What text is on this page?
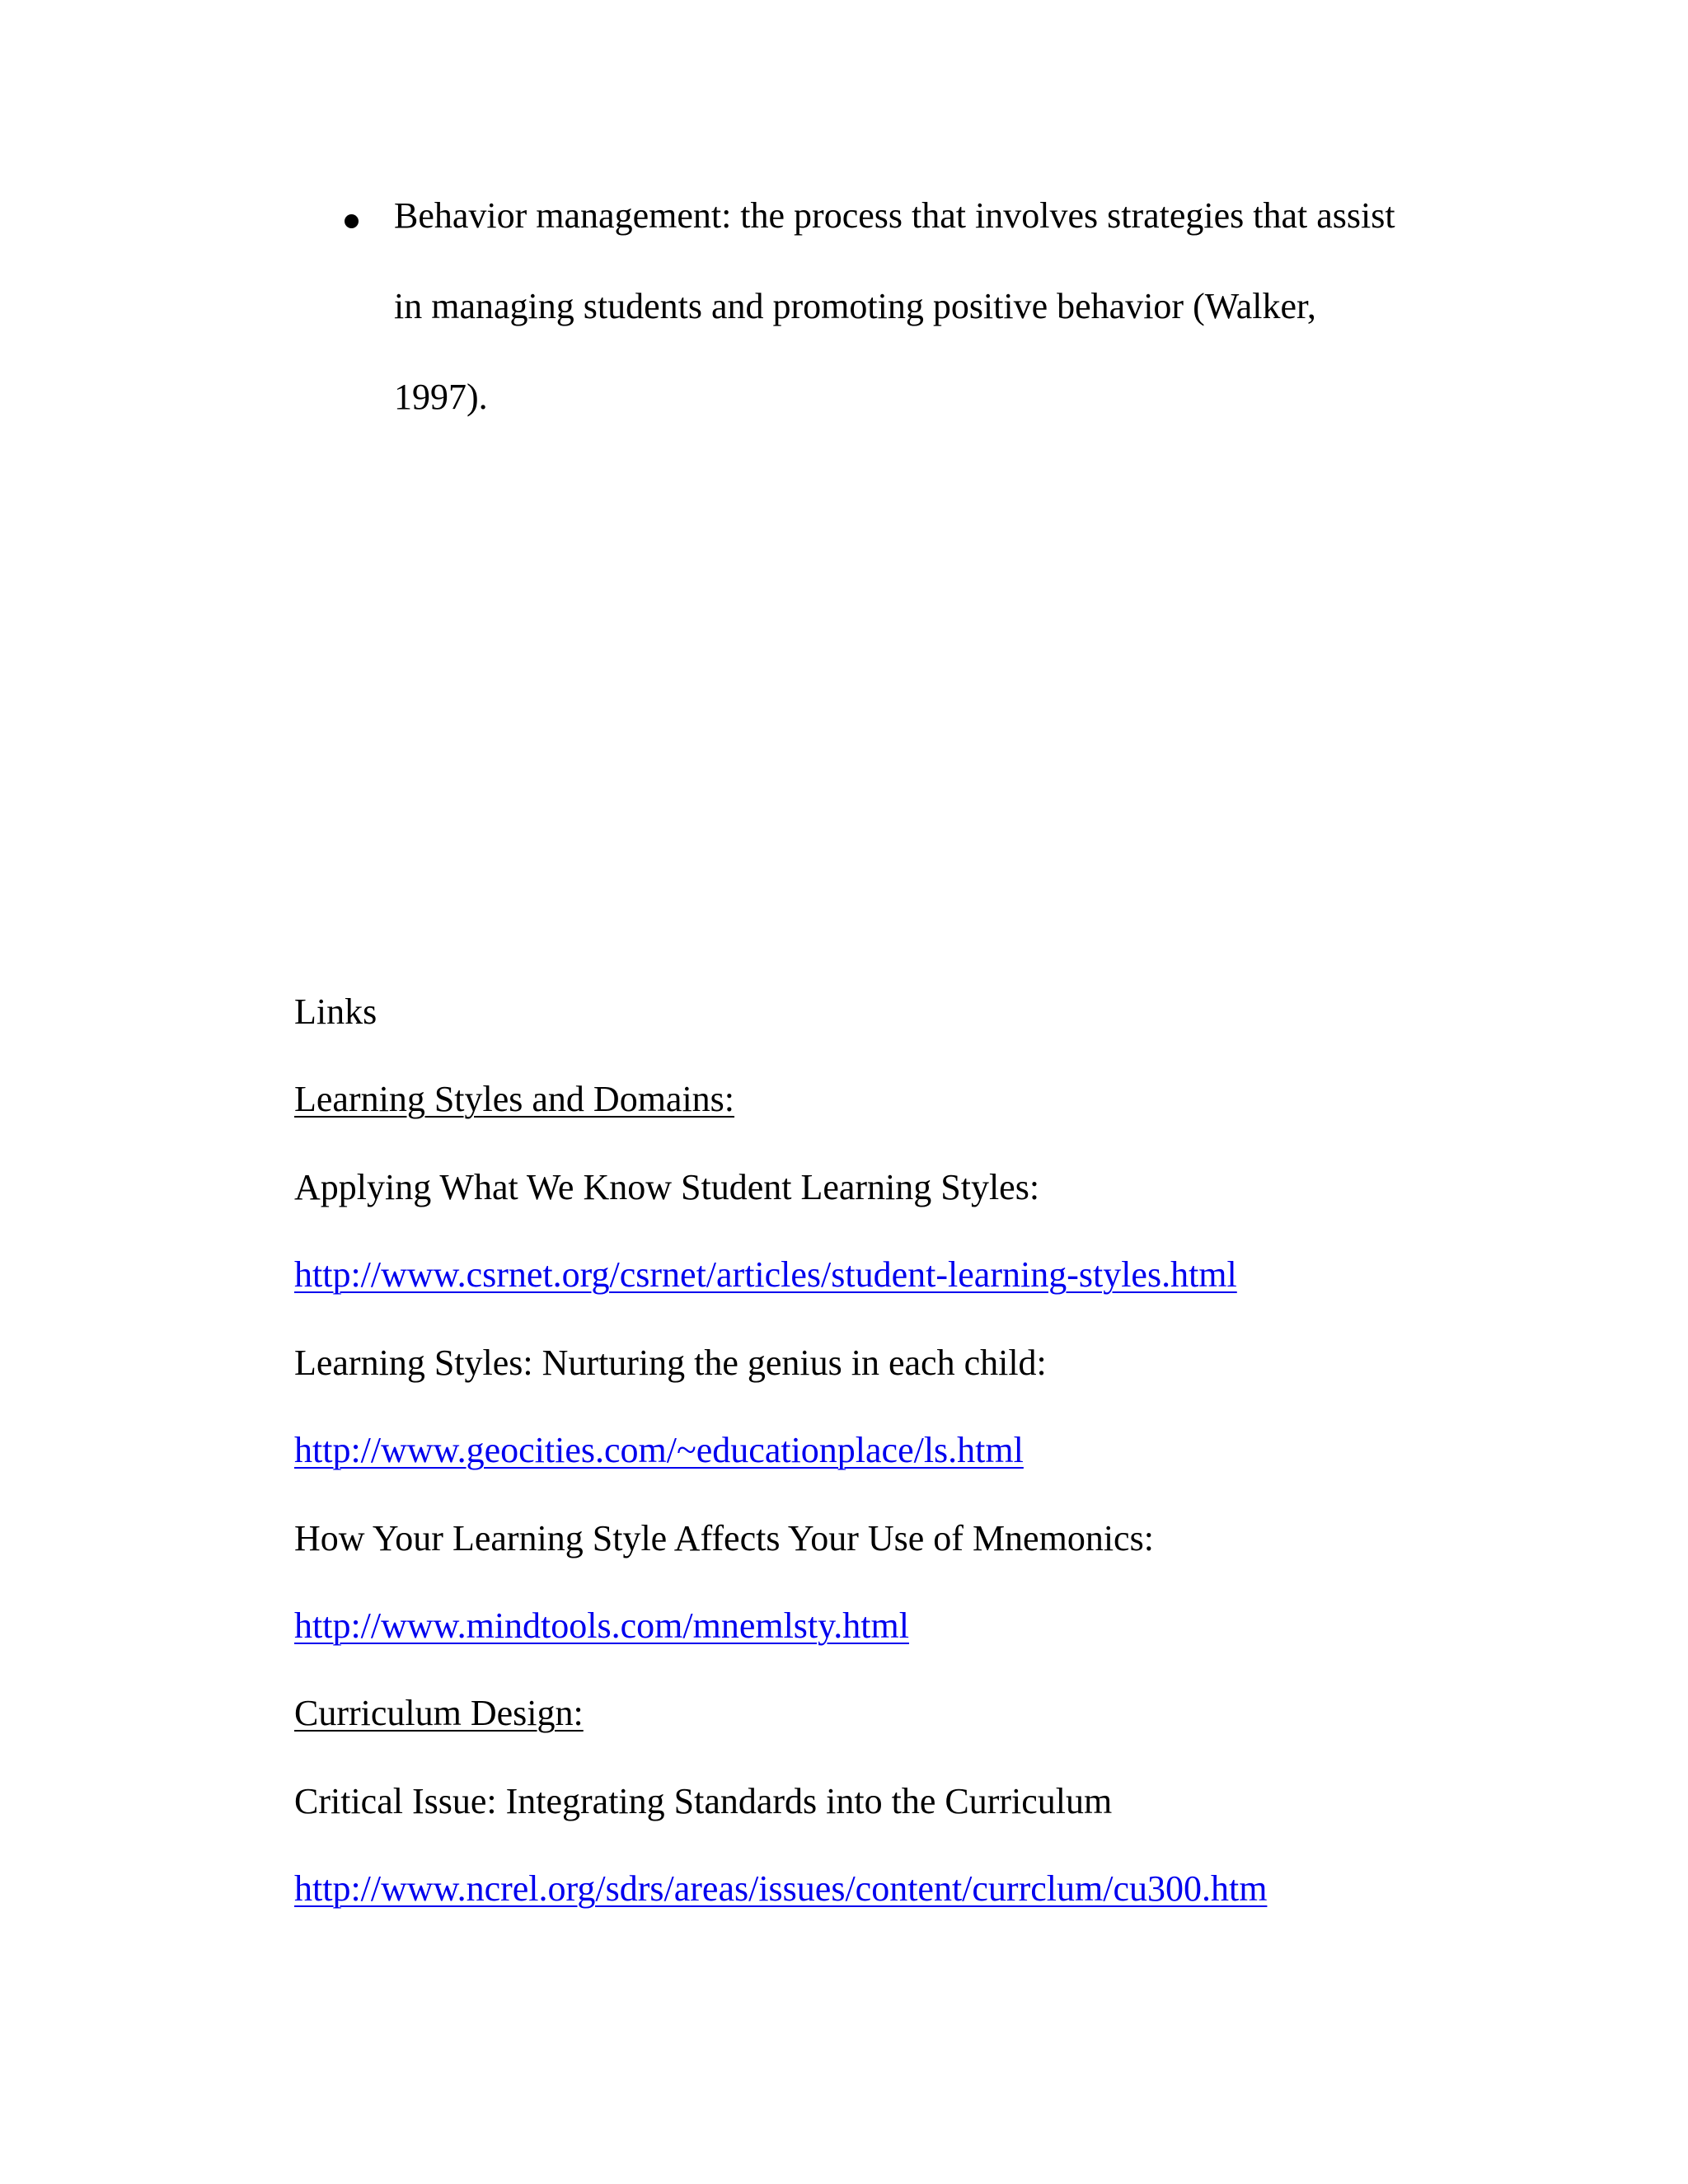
Behavior management: the process that involves strategies that assist
in managing students and promoting positive behavior (Walker,
1997).
Links
Learning Styles and Domains:
Applying What We Know Student Learning Styles:
http://www.csrnet.org/csrnet/articles/student-learning-styles.html
Learning Styles: Nurturing the genius in each child:
http://www.geocities.com/~educationplace/ls.html
How Your Learning Style Affects Your Use of Mnemonics:
http://www.mindtools.com/mnemlsty.html
Curriculum Design:
Critical Issue: Integrating Standards into the Curriculum
http://www.ncrel.org/sdrs/areas/issues/content/currclum/cu300.htm
